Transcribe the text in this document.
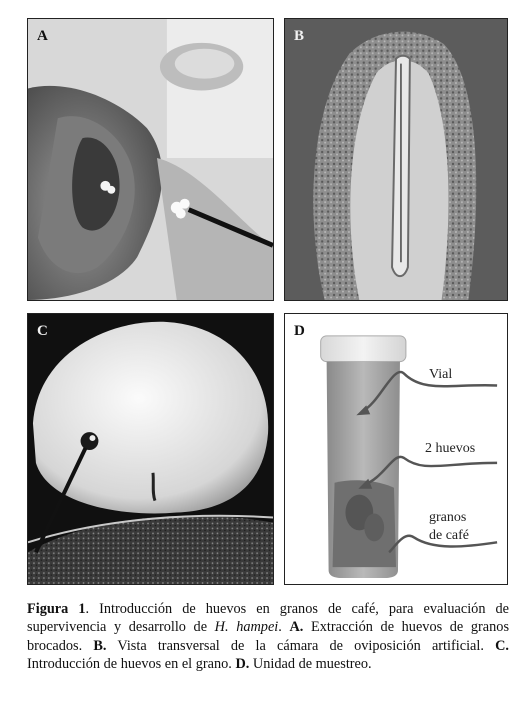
A	B
C	D
Vial
2 huevos
granos
de café
Figura 1. Introducción de huevos en granos de café, para evaluación de supervivencia y desarrollo de H. hampei. A. Extracción de huevos de granos brocados. B. Vista transversal de la cámara de oviposición artificial. C. Introducción de huevos en el grano. D. Unidad de muestreo.
